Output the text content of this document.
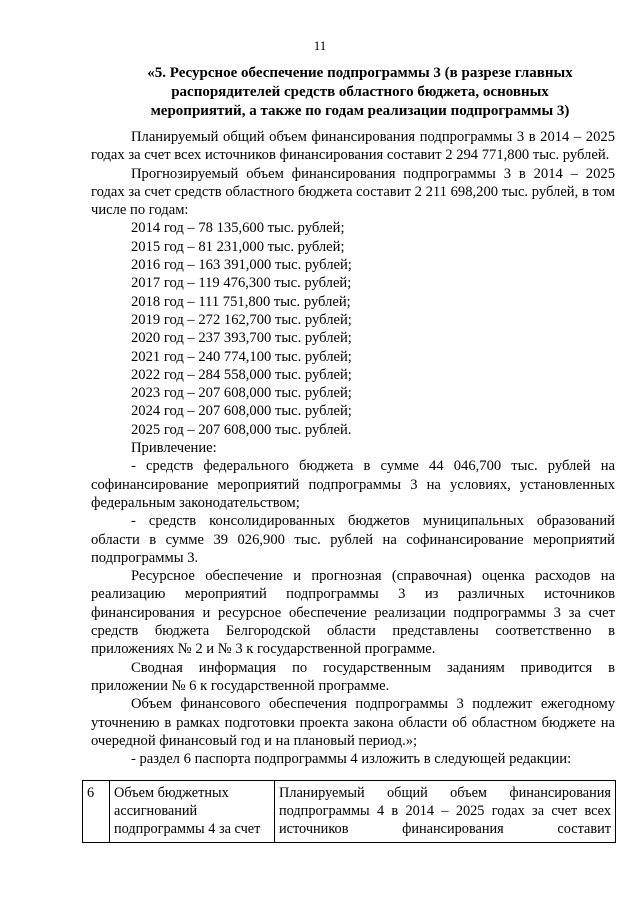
11
«5. Ресурсное обеспечение подпрограммы 3 (в разрезе главных
распорядителей средств областного бюджета, основных
мероприятий, а также по годам реализации подпрограммы 3)

Планируемый общий объем финансирования подпрограммы 3 в 2014 – 2025 годах за счет всех источников финансирования составит 2 294 771,800 тыс. рублей.

Прогнозируемый объем финансирования подпрограммы 3 в 2014 – 2025 годах за счет средств областного бюджета составит 2 211 698,200 тыс. рублей, в том числе по годам:

2014 год – 78 135,600 тыс. рублей;
2015 год – 81 231,000 тыс. рублей;
2016 год – 163 391,000 тыс. рублей;
2017 год – 119 476,300 тыс. рублей;
2018 год – 111 751,800 тыс. рублей;
2019 год – 272 162,700 тыс. рублей;
2020 год – 237 393,700 тыс. рублей;
2021 год – 240 774,100 тыс. рублей;
2022 год – 284 558,000 тыс. рублей;
2023 год – 207 608,000 тыс. рублей;
2024 год – 207 608,000 тыс. рублей;
2025 год – 207 608,000 тыс. рублей.

Привлечение:

- средств федерального бюджета в сумме 44 046,700 тыс. рублей на софинансирование мероприятий подпрограммы 3 на условиях, установленных федеральным законодательством;

- средств консолидированных бюджетов муниципальных образований области в сумме 39 026,900 тыс. рублей на софинансирование мероприятий подпрограммы 3.

Ресурсное обеспечение и прогнозная (справочная) оценка расходов на реализацию мероприятий подпрограммы 3 из различных источников финансирования и ресурсное обеспечение реализации подпрограммы 3 за счет средств бюджета Белгородской области представлены соответственно в приложениях № 2 и № 3 к государственной программе.

Сводная информация по государственным заданиям приводится в приложении № 6 к государственной программе.

Объем финансового обеспечения подпрограммы 3 подлежит ежегодному уточнению в рамках подготовки проекта закона области об областном бюджете на очередной финансовый год и на плановый период.»;

- раздел 6 паспорта подпрограммы 4 изложить в следующей редакции:

6	Объем бюджетных ассигнований подпрограммы 4 за счет	Планируемый общий объем финансирования подпрограммы 4 в 2014 – 2025 годах за счет всех источников финансирования составит
